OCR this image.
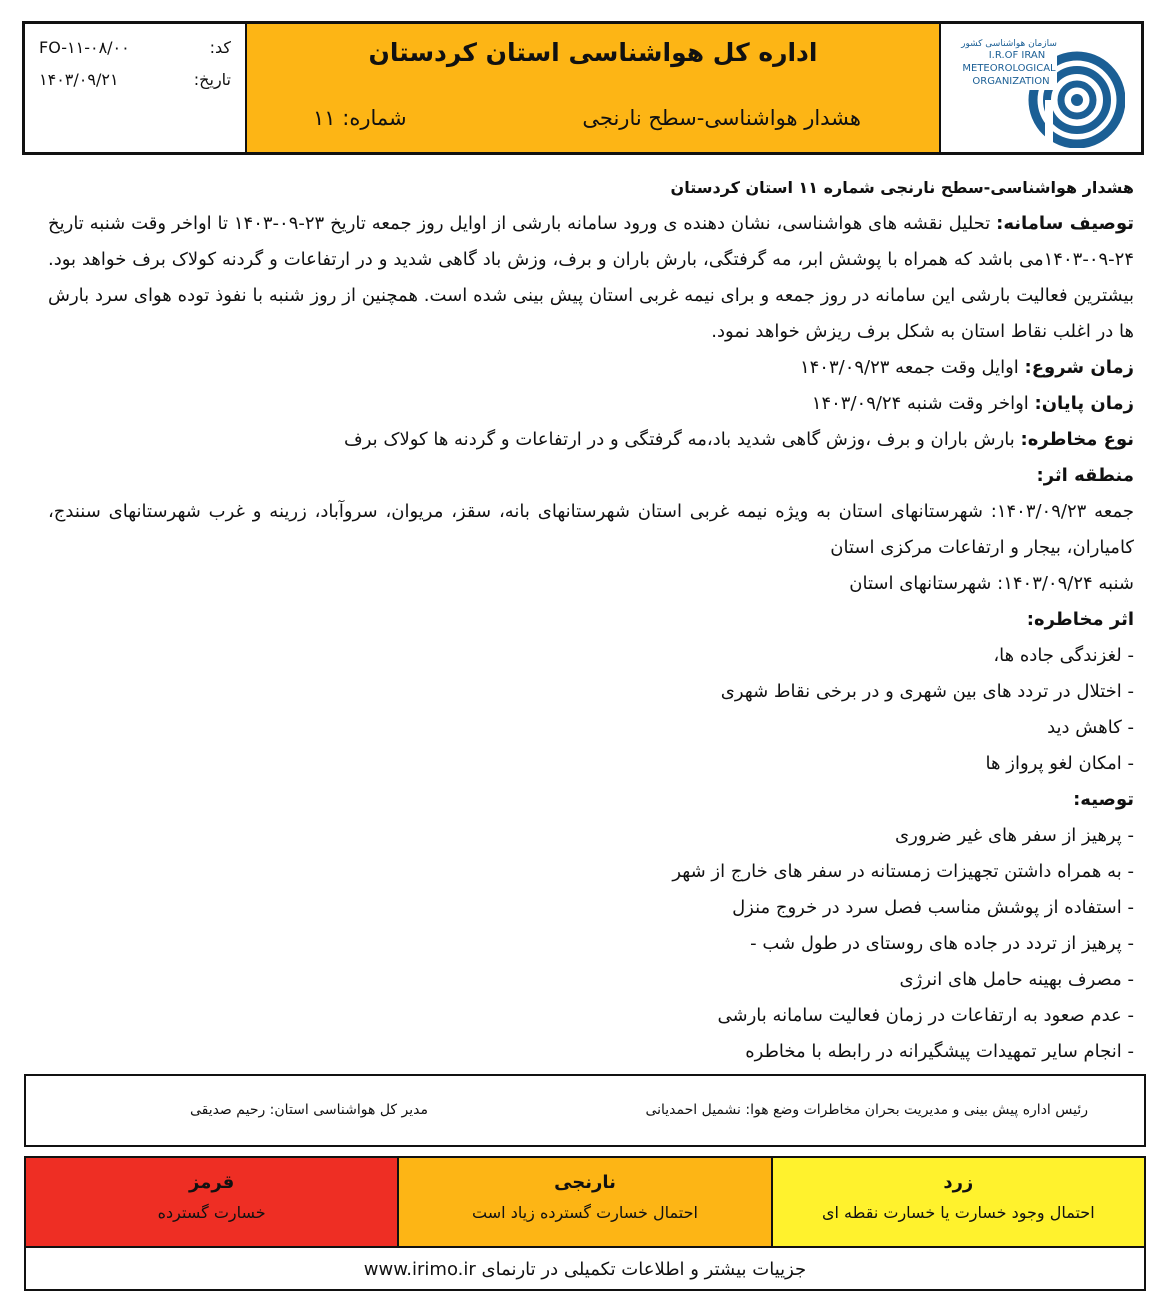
FO-۱۱-۰۸/۰۰	کد:
۱۴۰۳/۰۹/۲۱	تاریخ:
اداره کل هواشناسی استان کردستان
هشدار هواشناسی-سطح نارنجی
شماره: ۱۱
سازمان هواشناسی کشور
I.R.OF IRAN
METEOROLOGICAL
ORGANIZATION

هشدار هواشناسی-سطح نارنجی شماره ۱۱ استان کردستان

توصیف سامانه: تحلیل نقشه های هواشناسی، نشان دهنده ی ورود سامانه بارشی از اوایل روز جمعه تاریخ ۲۳-۰۹-۱۴۰۳ تا اواخر وقت شنبه تاریخ ۲۴-۰۹-۱۴۰۳می باشد که همراه با پوشش ابر، مه گرفتگی، بارش باران و برف، وزش باد گاهی شدید و در ارتفاعات و گردنه کولاک برف خواهد بود. بیشترین فعالیت بارشی این سامانه در روز جمعه و برای نیمه غربی استان پیش بینی شده است. همچنین از روز شنبه با نفوذ توده هوای سرد بارش ها در اغلب نقاط استان به شکل برف ریزش خواهد نمود.

زمان شروع: اوایل وقت جمعه ۱۴۰۳/۰۹/۲۳

زمان پایان: اواخر وقت شنبه ۱۴۰۳/۰۹/۲۴

نوع مخاطره: بارش باران و برف ،وزش گاهی شدید باد،مه گرفتگی و در ارتفاعات و گردنه ها کولاک برف

منطقه اثر:

جمعه ۱۴۰۳/۰۹/۲۳: شهرستانهای استان به ویژه نیمه غربی استان شهرستانهای بانه، سقز، مریوان، سروآباد، زرینه و غرب شهرستانهای سنندج، کامیاران، بیجار و ارتفاعات مرکزی استان

شنبه ۱۴۰۳/۰۹/۲۴: شهرستانهای استان

اثر مخاطره:

- لغزندگی جاده ها،

- اختلال در تردد های بین شهری و در برخی نقاط شهری

- کاهش دید

- امکان لغو پرواز ها

توصیه:

- پرهیز از سفر های غیر ضروری

- به همراه داشتن تجهیزات زمستانه در سفر های خارج از شهر

- استفاده از پوشش مناسب فصل سرد در خروج منزل

- پرهیز از تردد در جاده های روستای در طول شب -

- مصرف بهینه حامل های انرژی

- عدم صعود به ارتفاعات در زمان فعالیت سامانه بارشی

- انجام سایر تمهیدات پیشگیرانه در رابطه با مخاطره

رئیس اداره پیش بینی و مدیریت بحران مخاطرات وضع هوا: نشمیل احمدیانی
مدیر کل هواشناسی استان: رحیم صدیقی
قرمز
خسارت گسترده
نارنجی
احتمال خسارت گسترده زیاد است
زرد
احتمال وجود خسارت یا خسارت نقطه ای
جزییات بیشتر و اطلاعات تکمیلی در تارنمای www.irimo.ir
